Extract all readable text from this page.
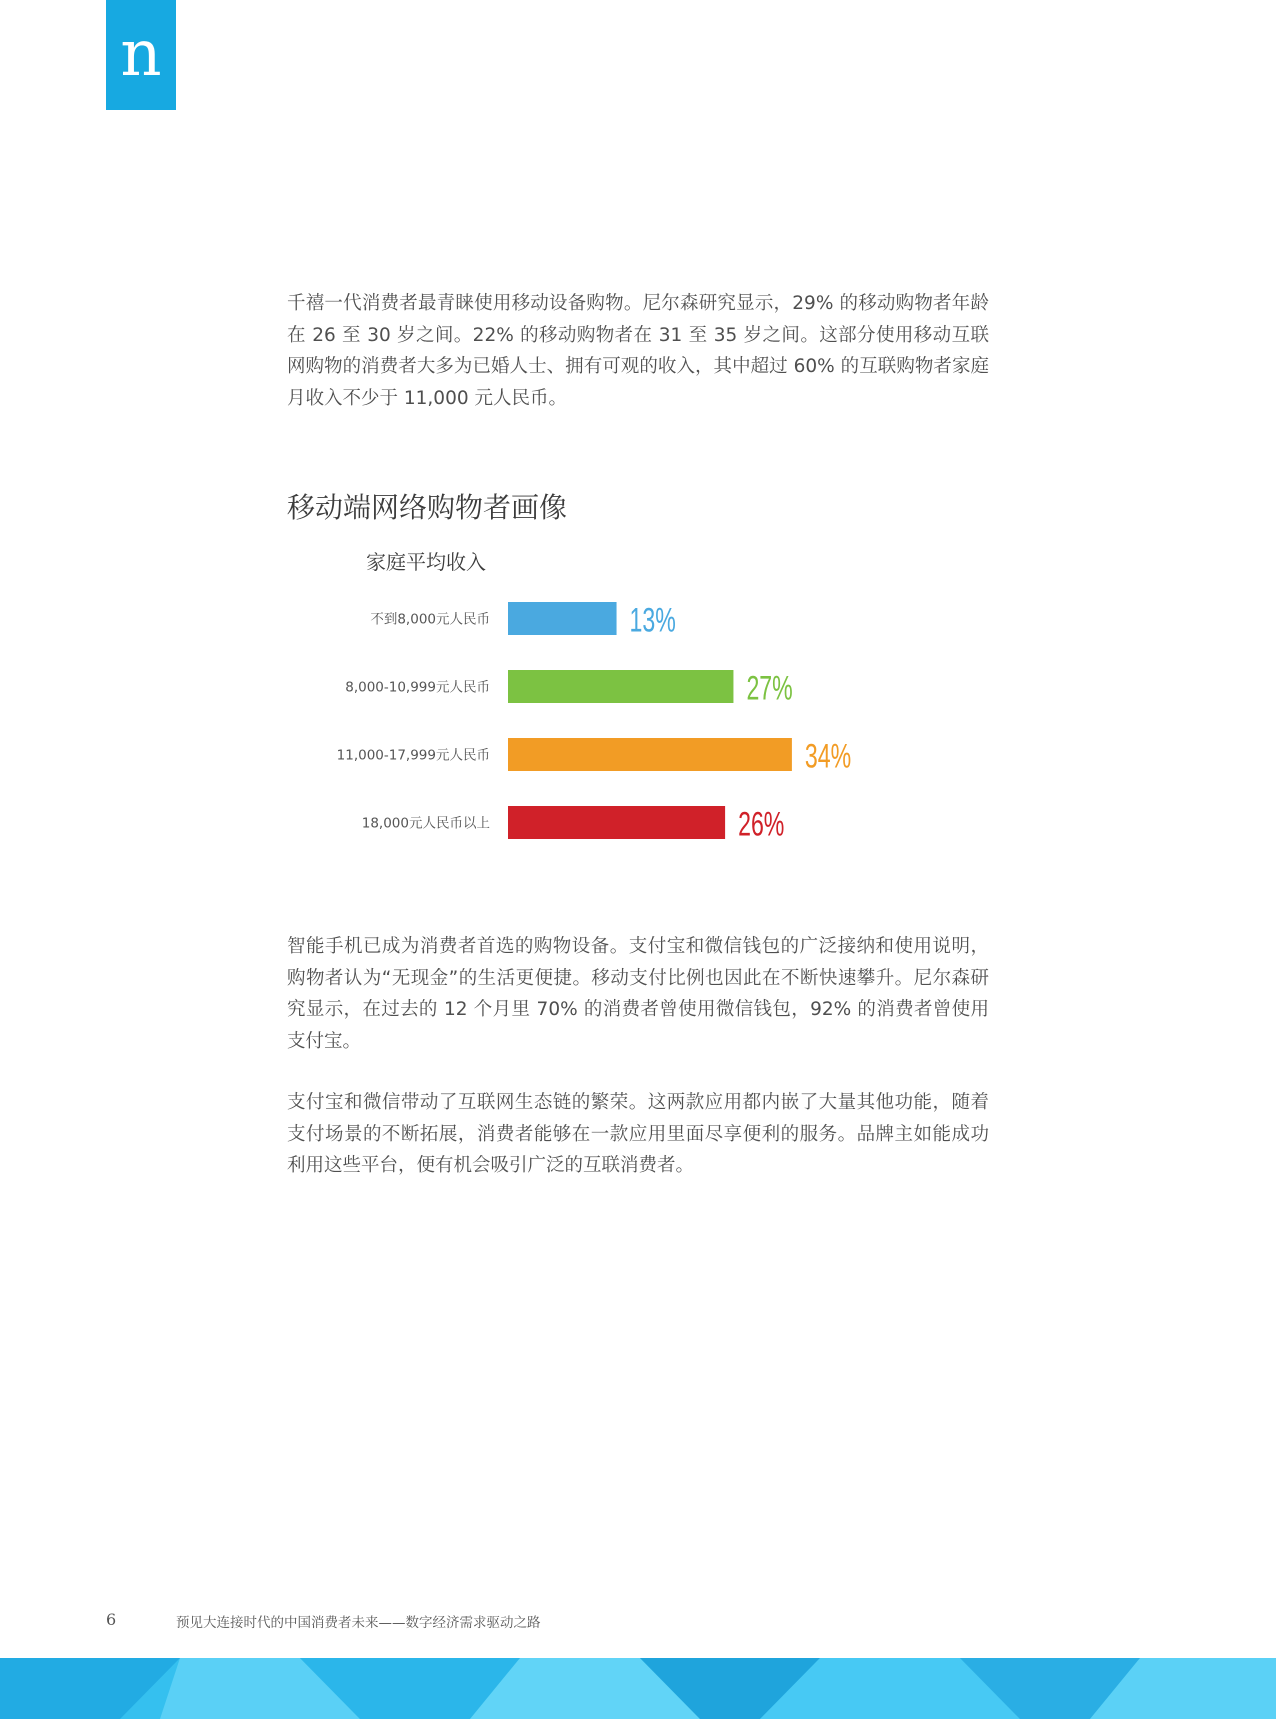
n

千禧一代消费者最青睐使用移动设备购物。尼尔森研究显示，29% 的移动购物者年龄在 26 至 30 岁之间。22% 的移动购物者在 31 至 35 岁之间。这部分使用移动互联网购物的消费者大多为已婚人士、拥有可观的收入，其中超过 60% 的互联购物者家庭月收入不少于 11,000 元人民币。

移动端网络购物者画像
家庭平均收入
不到8,000元人民币	13%
8,000-10,999元人民币	27%
11,000-17,999元人民币	34%
18,000元人民币以上	26%

智能手机已成为消费者首选的购物设备。支付宝和微信钱包的广泛接纳和使用说明，购物者认为“无现金”的生活更便捷。移动支付比例也因此在不断快速攀升。尼尔森研究显示，在过去的 12 个月里 70% 的消费者曾使用微信钱包，92% 的消费者曾使用支付宝。

支付宝和微信带动了互联网生态链的繁荣。这两款应用都内嵌了大量其他功能，随着支付场景的不断拓展，消费者能够在一款应用里面尽享便利的服务。品牌主如能成功利用这些平台，便有机会吸引广泛的互联消费者。

6	预见大连接时代的中国消费者未来——数字经济需求驱动之路
